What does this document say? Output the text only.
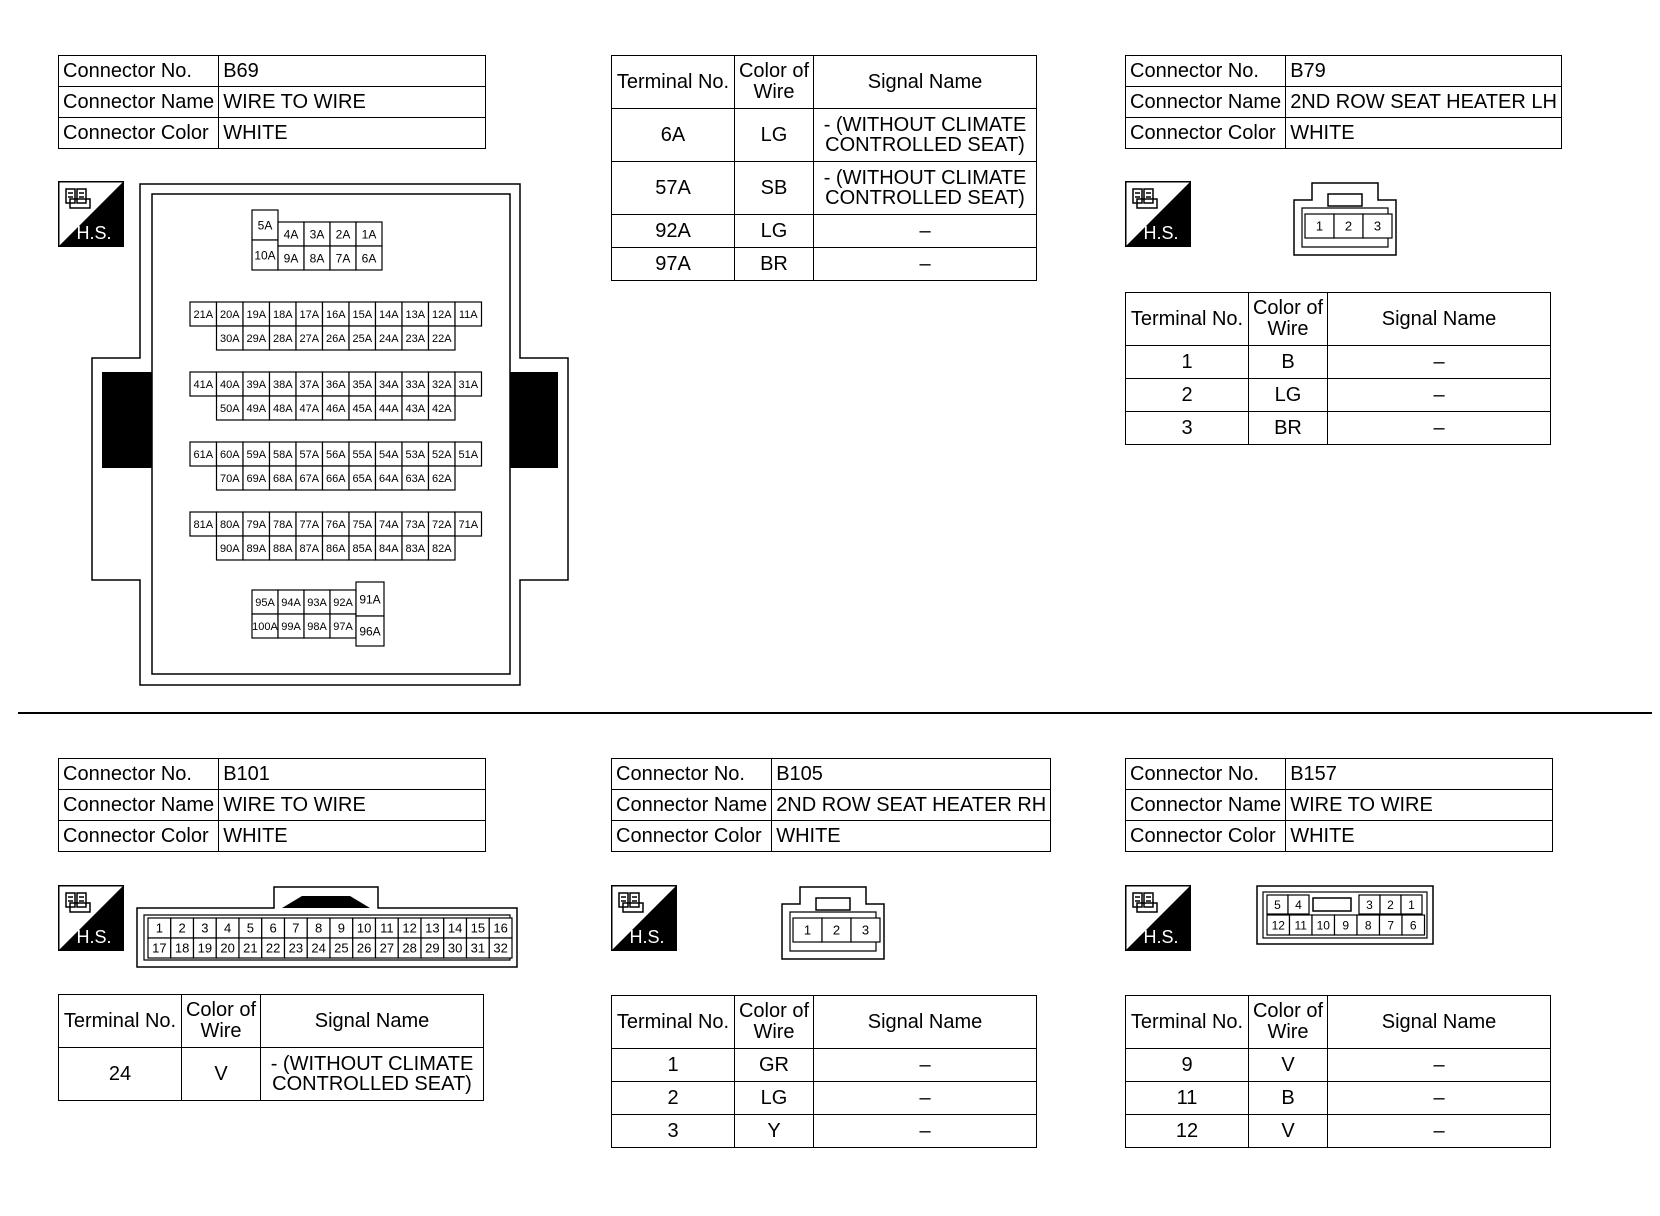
Connector No.	B69
Connector Name	WIRE TO WIRE
Connector Color	WHITE
H.S.	5A
10A
4A 3A 2A 1A
9A 8A 7A 6A
21A 20A 19A 18A 17A 16A 15A 14A 13A 12A 11A
30A 29A 28A 27A 26A 25A 24A 23A 22A
41A 40A 39A 38A 37A 36A 35A 34A 33A 32A 31A
50A 49A 48A 47A 46A 45A 44A 43A 42A
61A 60A 59A 58A 57A 56A 55A 54A 53A 52A 51A
70A 69A 68A 67A 66A 65A 64A 63A 62A
81A 80A 79A 78A 77A 76A 75A 74A 73A 72A 71A
90A 89A 88A 87A 86A 85A 84A 83A 82A
95A 94A 93A 92A
100A 99A 98A 97A
91A
96A
Terminal No.	Color of Wire	Signal Name
6A	LG	- (WITHOUT CLIMATE CONTROLLED SEAT)
57A	SB	- (WITHOUT CLIMATE CONTROLLED SEAT)
92A	LG	–
97A	BR	–
Connector No.	B79
Connector Name	2ND ROW SEAT HEATER LH
Connector Color	WHITE
H.S.	1 2 3
Terminal No.	Color of Wire	Signal Name
1	B	–
2	LG	–
3	BR	–
Connector No.	B101
Connector Name	WIRE TO WIRE
Connector Color	WHITE
H.S.	1 2 3 4 5 6 7 8 9 10 11 12 13 14 15 16
17 18 19 20 21 22 23 24 25 26 27 28 29 30 31 32
Terminal No.	Color of Wire	Signal Name
24	V	- (WITHOUT CLIMATE CONTROLLED SEAT)
Connector No.	B105
Connector Name	2ND ROW SEAT HEATER RH
Connector Color	WHITE
H.S.	1 2 3
Terminal No.	Color of Wire	Signal Name
1	GR	–
2	LG	–
3	Y	–
Connector No.	B157
Connector Name	WIRE TO WIRE
Connector Color	WHITE
H.S.
5 4	3 2 1
12 11 10 9 8 7 6
Terminal No.	Color of Wire	Signal Name
9	V	–
11	B	–
12	V	–
